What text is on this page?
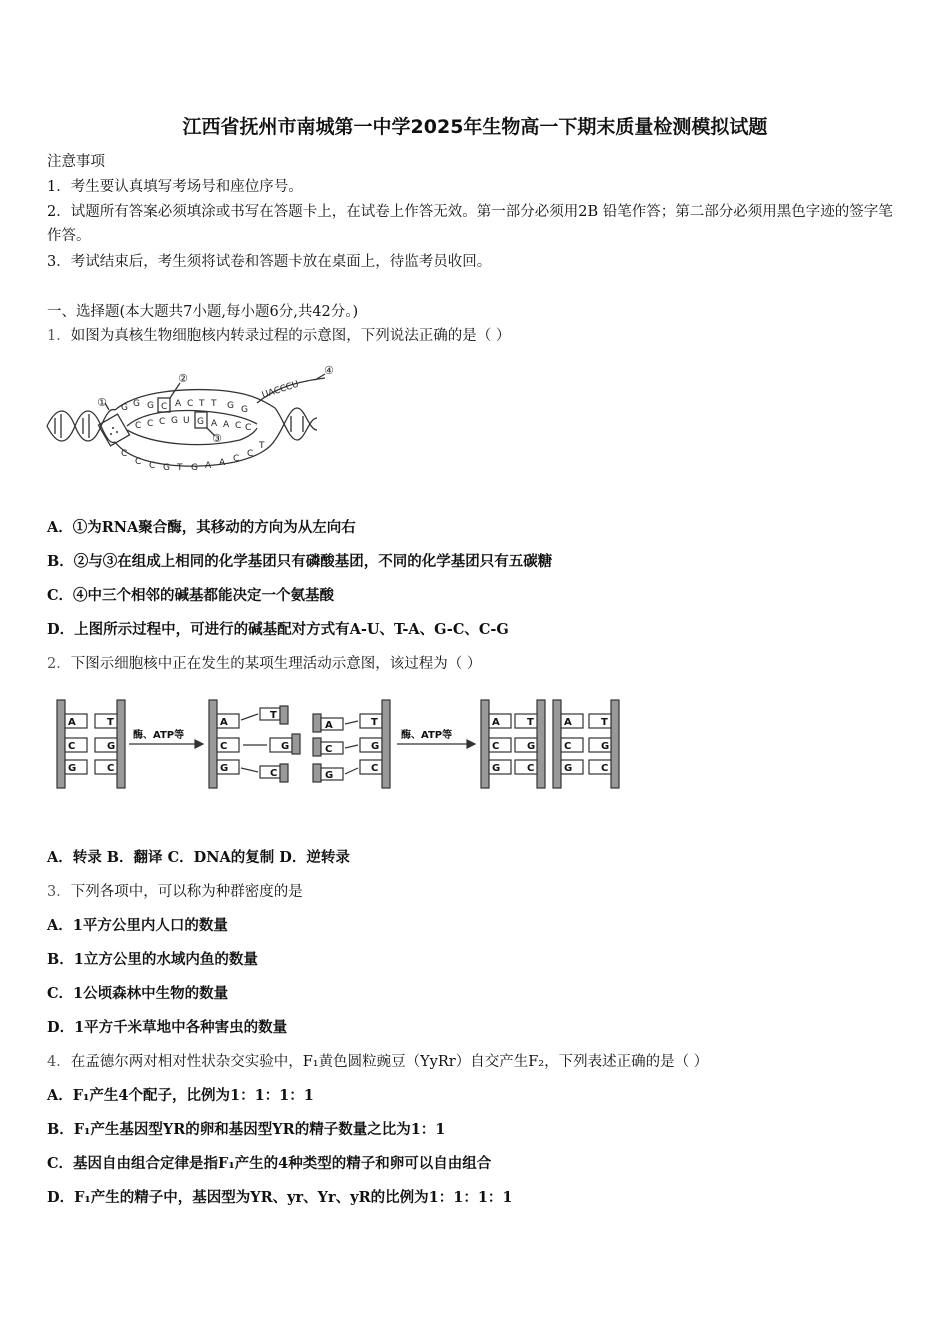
江西省抚州市南城第一中学2025年生物高一下期末质量检测模拟试题
注意事项
1．考生要认真填写考场号和座位序号。
2．试题所有答案必须填涂或书写在答题卡上，在试卷上作答无效。第一部分必须用2B 铅笔作答；第二部分必须用黑色字迹的签字笔作答。
3．考试结束后，考生须将试卷和答题卡放在桌面上，待监考员收回。
一、选择题(本大题共7小题,每小题6分,共42分。)
1．如图为真核生物细胞核内转录过程的示意图，下列说法正确的是（ ）
①
②
③
④
G G G C A C T T G G
C C C G U G A A C C
C
C C G T G A A C C
T
UACCCU
A．①为RNA聚合酶，其移动的方向为从左向右
B．②与③在组成上相同的化学基团只有磷酸基团，不同的化学基团只有五碳糖
C．④中三个相邻的碱基都能决定一个氨基酸
D．上图所示过程中，可进行的碱基配对方式有A-U、T-A、G-C、C-G
2．下图示细胞核中正在发生的某项生理活动示意图，该过程为（ ）
酶、ATP等	酶、ATP等
A
C
G
T
G
C
A
C
G
T
G
C
A
C
G
T
G
C
A
C
G
T
G
C
A
C
G
T
G
C
A．转录 B．翻译 C．DNA的复制 D．逆转录
3．下列各项中，可以称为种群密度的是
A．1平方公里内人口的数量
B．1立方公里的水域内鱼的数量
C．1公顷森林中生物的数量
D．1平方千米草地中各种害虫的数量
4．在孟德尔两对相对性状杂交实验中，F₁黄色圆粒豌豆（YyRr）自交产生F₂，下列表述正确的是（ ）
A．F₁产生4个配子，比例为1：1：1：1
B．F₁产生基因型YR的卵和基因型YR的精子数量之比为1：1
C．基因自由组合定律是指F₁产生的4种类型的精子和卵可以自由组合
D．F₁产生的精子中，基因型为YR、yr、Yr、yR的比例为1：1：1：1
